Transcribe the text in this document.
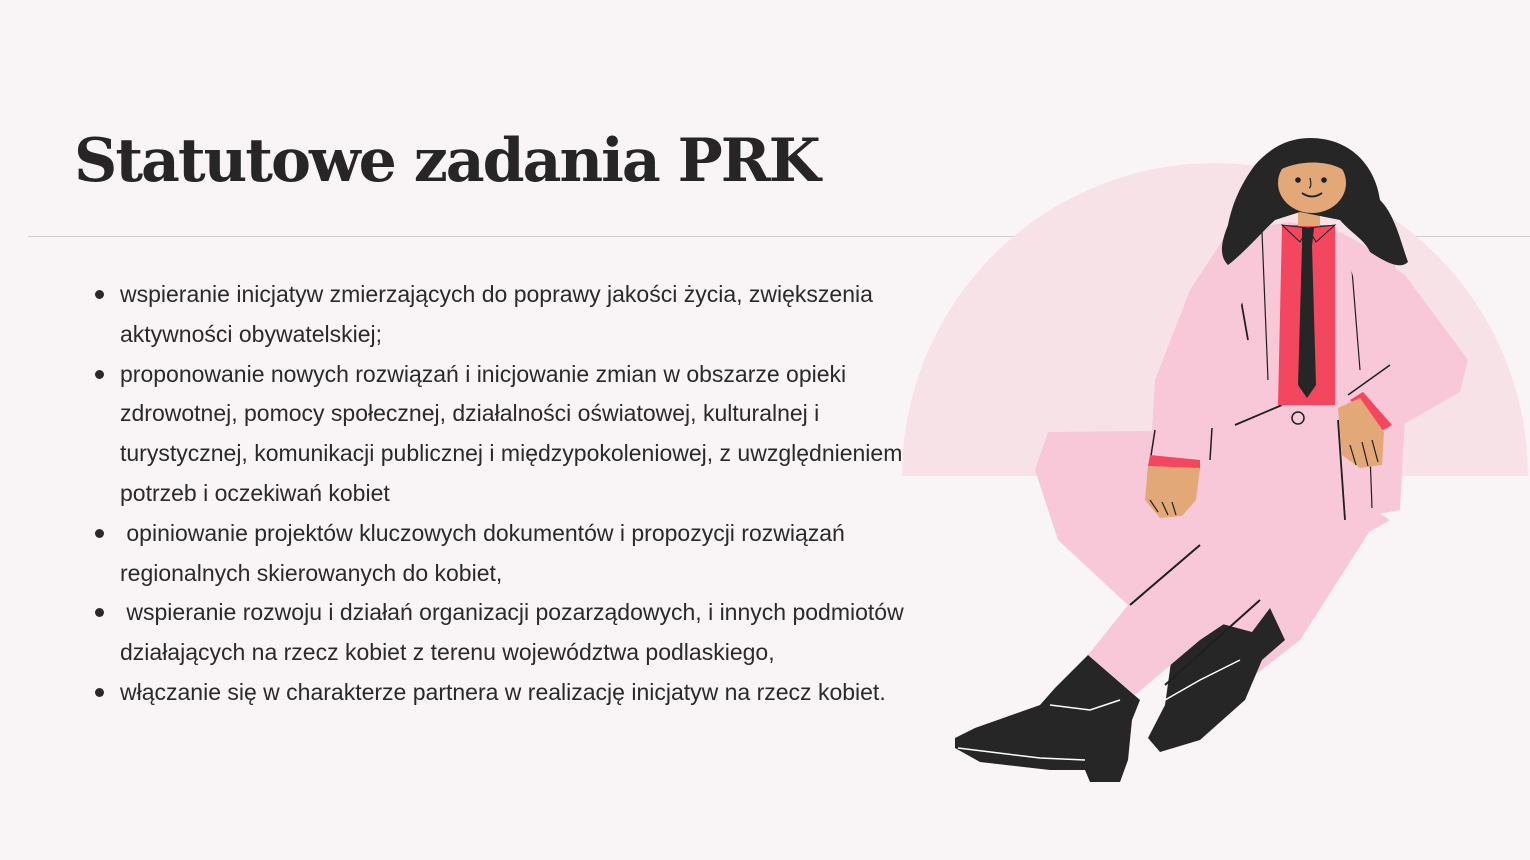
Statutowe zadania PRK
wspieranie inicjatyw zmierzających do poprawy jakości życia, zwiększenia aktywności obywatelskiej;
proponowanie nowych rozwiązań i inicjowanie zmian w obszarze opieki zdrowotnej, pomocy społecznej, działalności oświatowej, kulturalnej i turystycznej, komunikacji publicznej i międzypokoleniowej, z uwzględnieniem potrzeb i oczekiwań kobiet
opiniowanie projektów kluczowych dokumentów i propozycji rozwiązań regionalnych skierowanych do kobiet,
wspieranie rozwoju i działań organizacji pozarządowych, i innych podmiotów działających na rzecz kobiet z terenu województwa podlaskiego,
włączanie się w charakterze partnera w realizację inicjatyw na rzecz kobiet.
